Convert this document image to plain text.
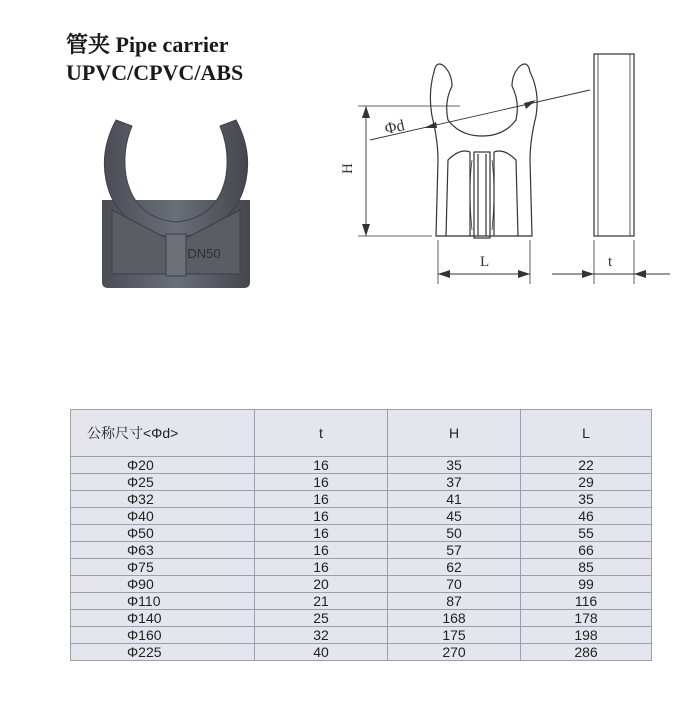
管夹 Pipe carrier
UPVC/CPVC/ABS
DN50
Φd
H
L	t
公称尺寸<Φd>	t	H	L
Φ20	16	35	22
Φ25	16	37	29
Φ32	16	41	35
Φ40	16	45	46
Φ50	16	50	55
Φ63	16	57	66
Φ75	16	62	85
Φ90	20	70	99
Φ110	21	87	116
Φ140	25	168	178
Φ160	32	175	198
Φ225	40	270	286
